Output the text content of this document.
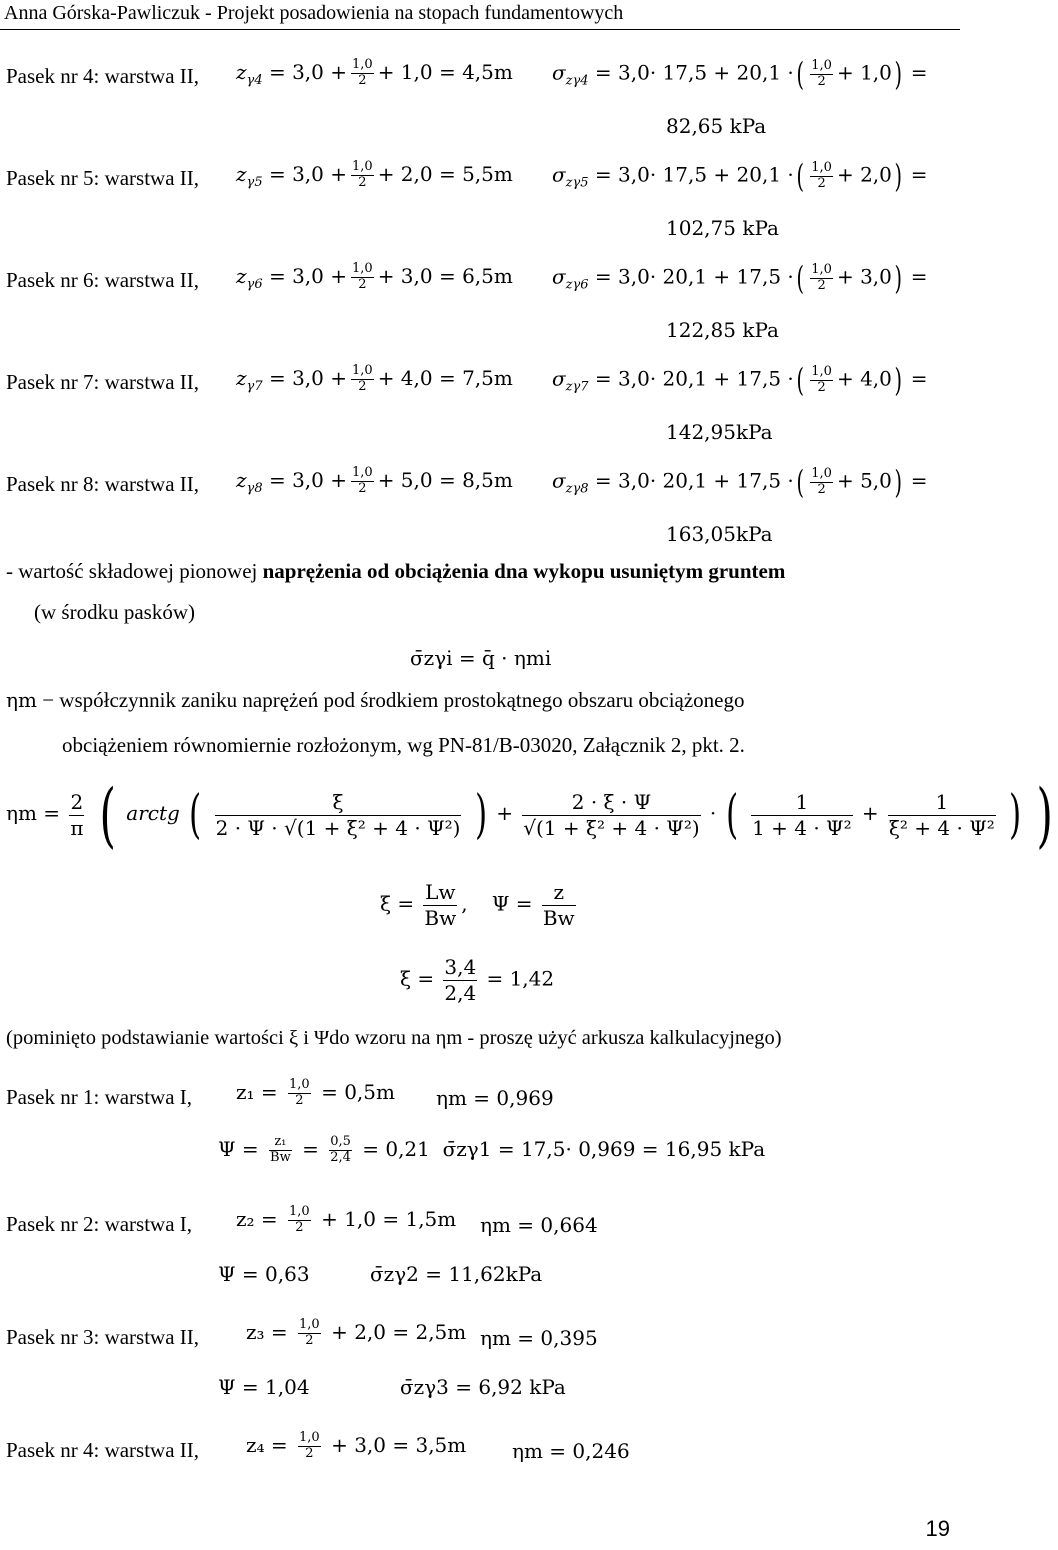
Anna Górska-Pawliczuk - Projekt posadowienia na stopach fundamentowych
Pasek nr 4: warstwa II, $z_{\gamma 4} = 3,0 + \frac{1,0}{2} + 1,0 = 4,5m$ $\sigma_{z\gamma 4} = 3,0\cdot 17,5 + 20,1$ ·( $\frac{1,0}{2} + 1,0$) =
82,65 kPa
Pasek nr 5: warstwa II, $z_{\gamma 5} = 3,0 + \frac{1,0}{2} + 2,0 = 5,5m$ $\sigma_{z\gamma 5} = 3,0\cdot 17,5 + 20,1$ ·( $\frac{1,0}{2} + 2,0$) =
102,75 kPa
Pasek nr 6: warstwa II, $z_{\gamma 6} = 3,0 + \frac{1,0}{2} + 3,0 = 6,5m$ $\sigma_{z\gamma 6} = 3,0\cdot 20,1 + 17,5$ ·( $\frac{1,0}{2} + 3,0$) =
122,85 kPa
Pasek nr 7: warstwa II, $z_{\gamma 7} = 3,0 + \frac{1,0}{2} + 4,0 = 7,5m$ $\sigma_{z\gamma 7} = 3,0\cdot 20,1 + 17,5$ ·( $\frac{1,0}{2} + 4,0$) =
142,95kPa
Pasek nr 8: warstwa II, $z_{\gamma 8} = 3,0 + \frac{1,0}{2} + 5,0 = 8,5m$ $\sigma_{z\gamma 8} = 3,0\cdot 20,1 + 17,5$ ·( $\frac{1,0}{2} + 5,0$) =
163,05kPa
- wartość składowej pionowej naprężenia od obciążenia dna wykopu usuniętym gruntem
(w środku pasków)
σ̄zγi = q̄ · ηmi
ηm − współczynnik zaniku naprężeń pod środkiem prostokątnego obszaru obciążonego
obciążeniem równomiernie rozłożonym, wg PN-81/B-03020, Załącznik 2, pkt. 2.
$\eta m = \frac{2}{\pi}$ ( arctg ( $\frac{\xi}{\text{2 · Ψ · √(1 + ξ² + 4 · Ψ²)}}$ ) + $\frac{2 \cdot \xi \cdot \Psi}{\text{√(1 + ξ² + 4 · Ψ²)}}$ · ( $\frac{1}{\text{1 + 4 · Ψ²}} + \frac{1}{\text{ξ² + 4 · Ψ²}}$ ) )
$\xi = \frac{Lw}{Bw}$ ,    $\Psi = \frac{z}{Bw}$
$\xi = \frac{3,4}{2,4} = 1,42$
(pominięto podstawianie wartości ξ i Ψdo wzoru na ηm - proszę użyć arkusza kalkulacyjnego)
Pasek nr 1: warstwa I, $z_1 = \frac{1,0}{2} = 0,5m$ ηm = 0,969
$\Psi = \frac{\text{z₁}}{Bw} = \frac{0,5}{2,4} = 0,21$ σ̄zγ1 = 17,5· 0,969 = 16,95 kPa
Pasek nr 2: warstwa I, $z_2 = \frac{1,0}{2} + 1,0 = 1,5m$ ηm = 0,664
Ψ = 0,63	σ̄zγ2 = 11,62kPa
Pasek nr 3: warstwa II, $z_3 = \frac{1,0}{2} + 2,0 = 2,5m$ ηm = 0,395
Ψ = 1,04	σ̄zγ3 = 6,92 kPa
Pasek nr 4: warstwa II, $z_4 = \frac{1,0}{2} + 3,0 = 3,5m$ ηm = 0,246
19
